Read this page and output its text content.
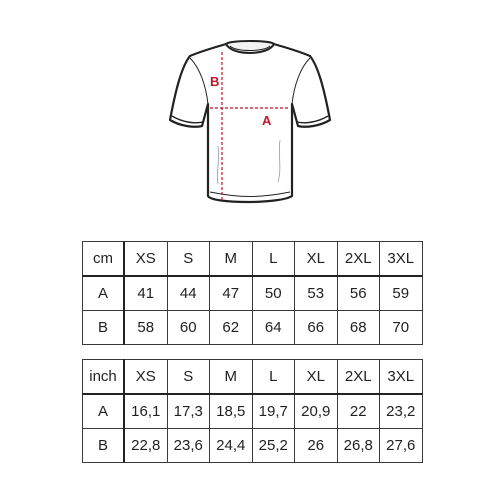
B
A
cm	XS	S	M	L	XL	2XL	3XL
A	41	44	47	50	53	56	59
B	58	60	62	64	66	68	70
inch	XS	S	M	L	XL	2XL	3XL
A	16,1	17,3	18,5	19,7	20,9	22	23,2
B	22,8	23,6	24,4	25,2	26	26,8	27,6
